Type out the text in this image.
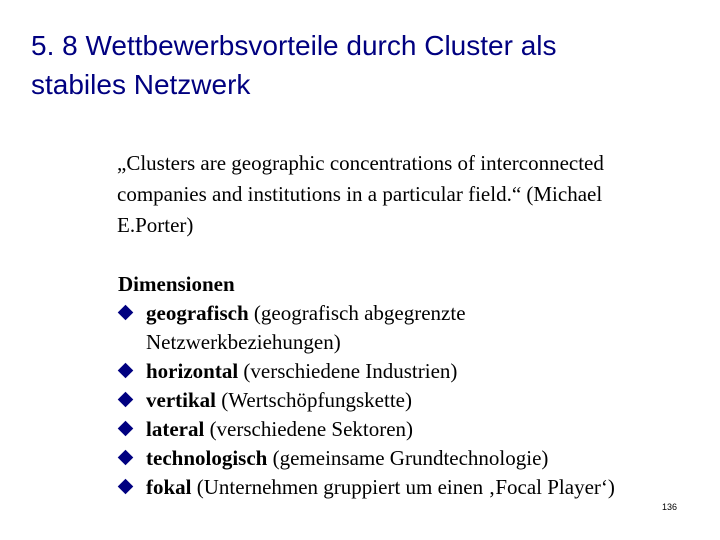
5. 8 Wettbewerbsvorteile durch Cluster als
stabiles Netzwerk
„Clusters are geographic concentrations of interconnected
companies and institutions in a particular field.“ (Michael
E.Porter)
Dimensionen
geografisch (geografisch abgegrenzte
Netzwerkbeziehungen)
horizontal (verschiedene Industrien)
vertikal (Wertschöpfungskette)
lateral (verschiedene Sektoren)
technologisch (gemeinsame Grundtechnologie)
fokal (Unternehmen gruppiert um einen ‚Focal Player‘)
136
